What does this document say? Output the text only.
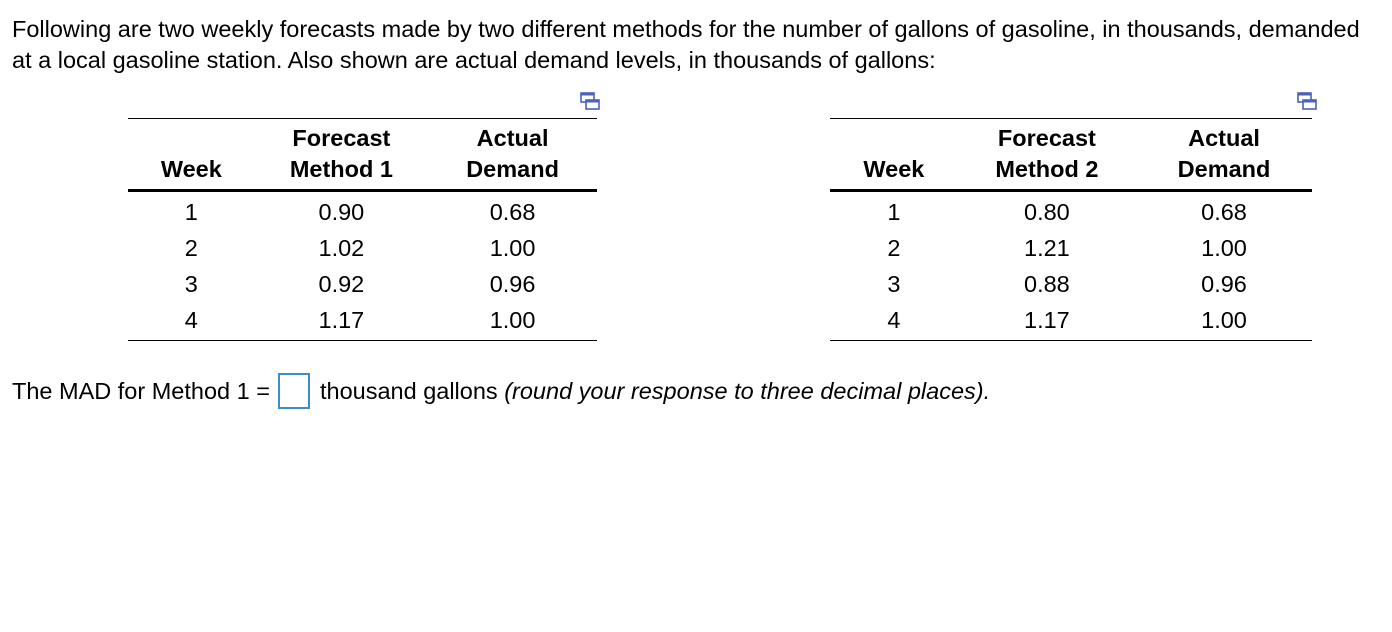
Following are two weekly forecasts made by two different methods for the number of gallons of gasoline, in thousands, demanded at a local gasoline station. Also shown are actual demand levels, in thousands of gallons:

	Forecast	Actual
Week	Method 1	Demand
1	0.90	0.68
2	1.02	1.00
3	0.92	0.96
4	1.17	1.00
	Forecast	Actual
Week	Method 2	Demand
1	0.80	0.68
2	1.21	1.00
3	0.88	0.96
4	1.17	1.00
The MAD for Method 1 = thousand gallons
(round your response to three decimal places).
